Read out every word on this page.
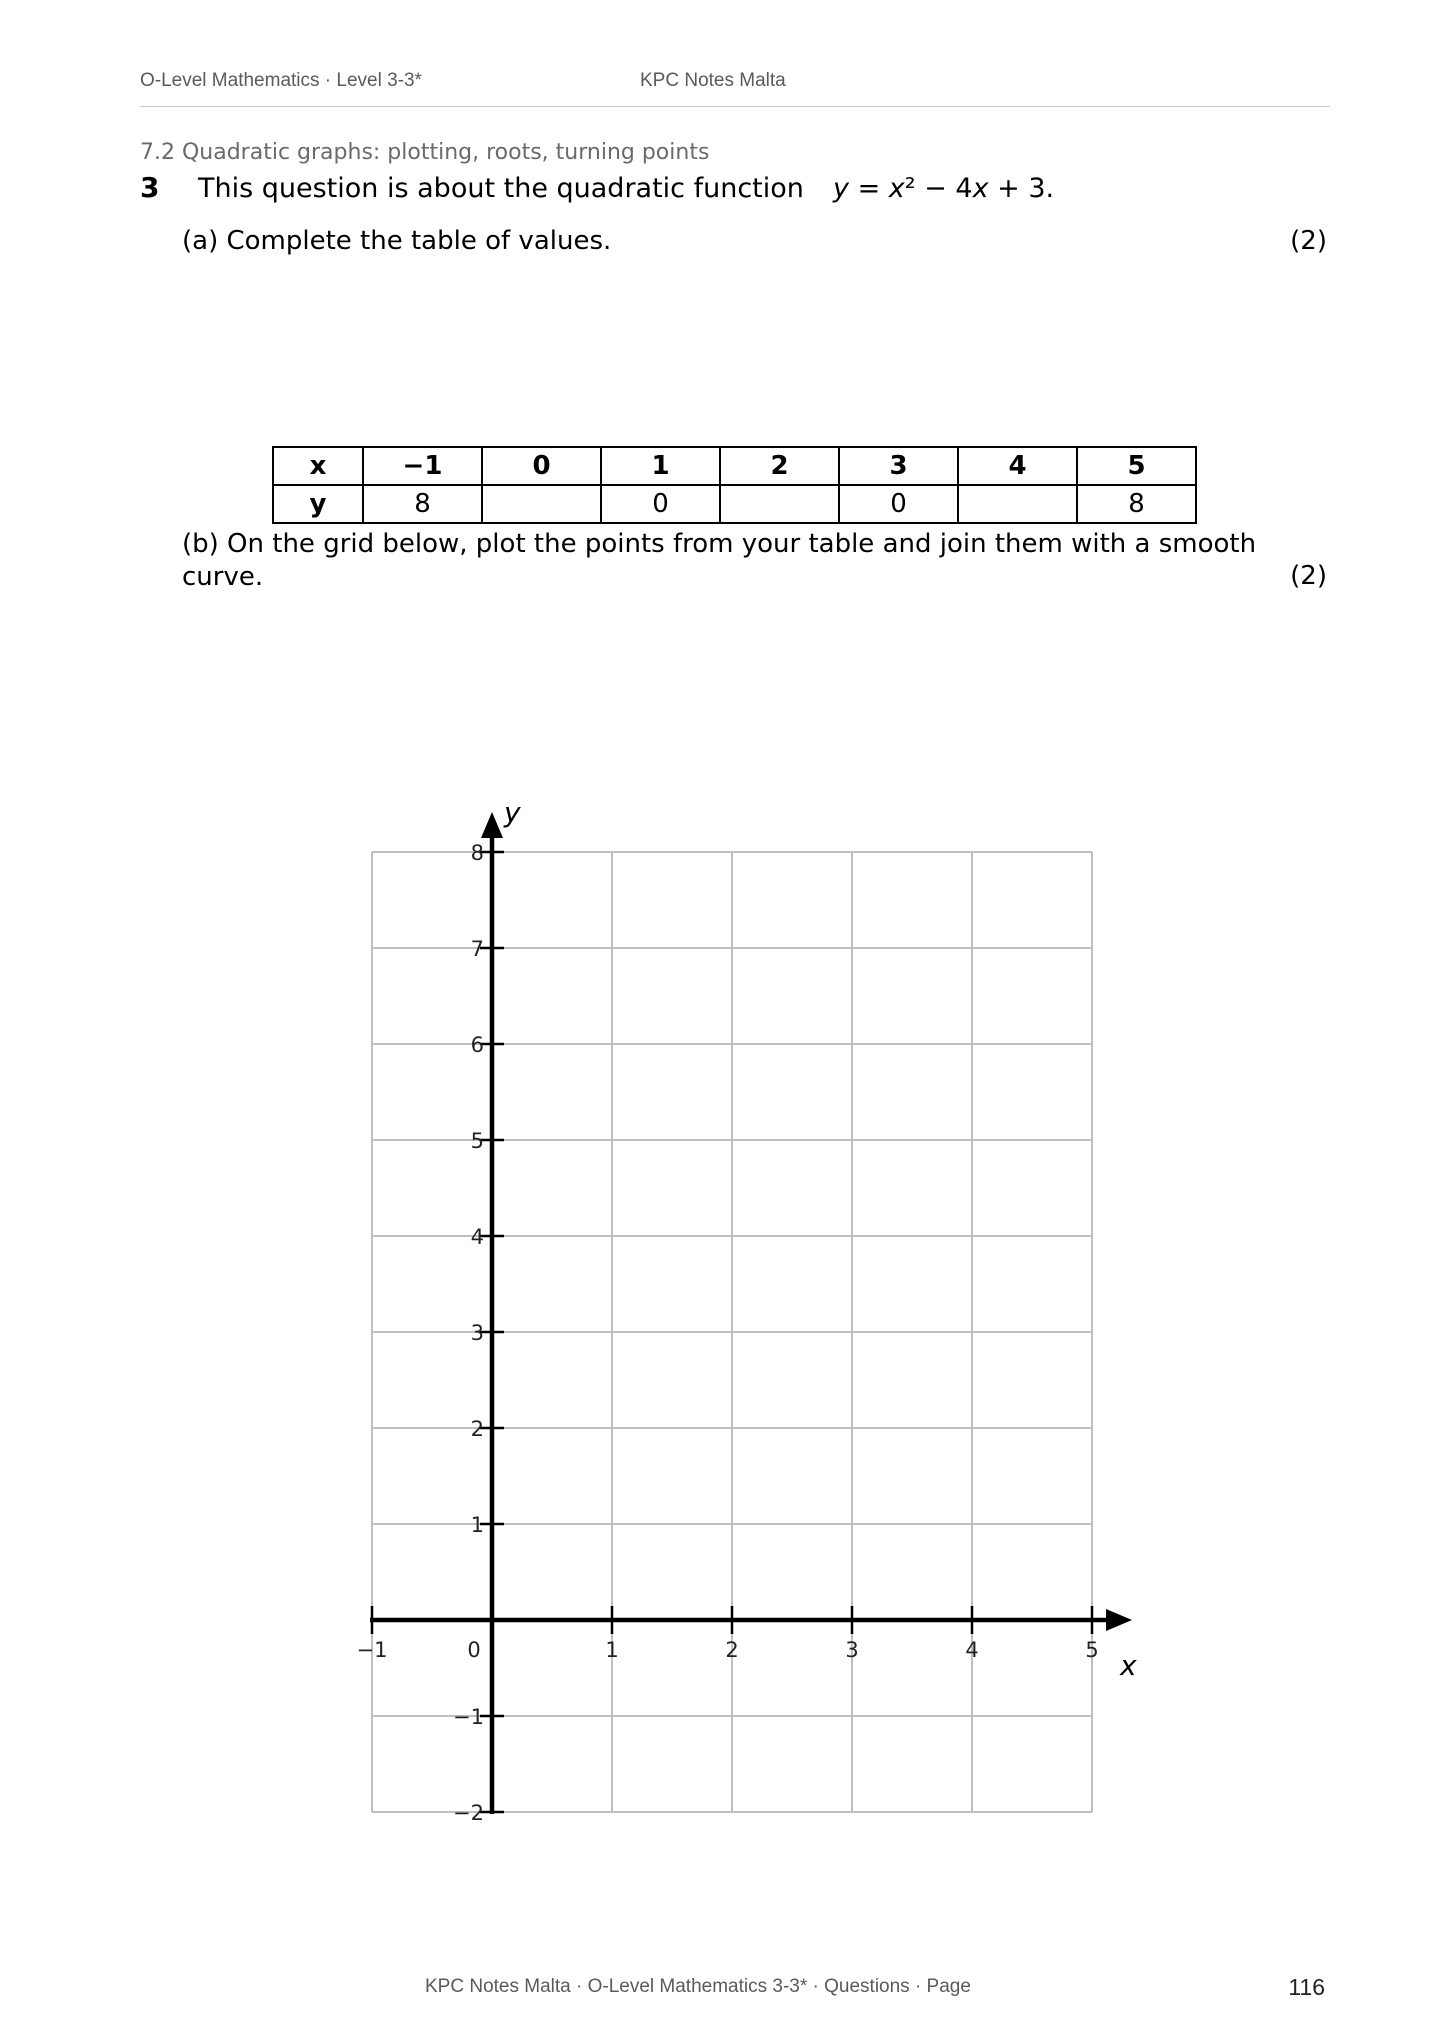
O-Level Mathematics · Level 3-3*	KPC Notes Malta
7.2 Quadratic graphs: plotting, roots, turning points
3 This question is about the quadratic function y = x² − 4x + 3.
(a) Complete the table of values.	(2)
x	−1	0	1	2	3	4	5
y	8		0		0		8
(b) On the grid below, plot the points from your table and join them with a smooth curve.	(2)
x
y
−1	0	1	2	3	4	5
8
7
6
5
4
3
2
1
−1
−2
KPC Notes Malta · O-Level Mathematics 3-3* · Questions · Page	116
